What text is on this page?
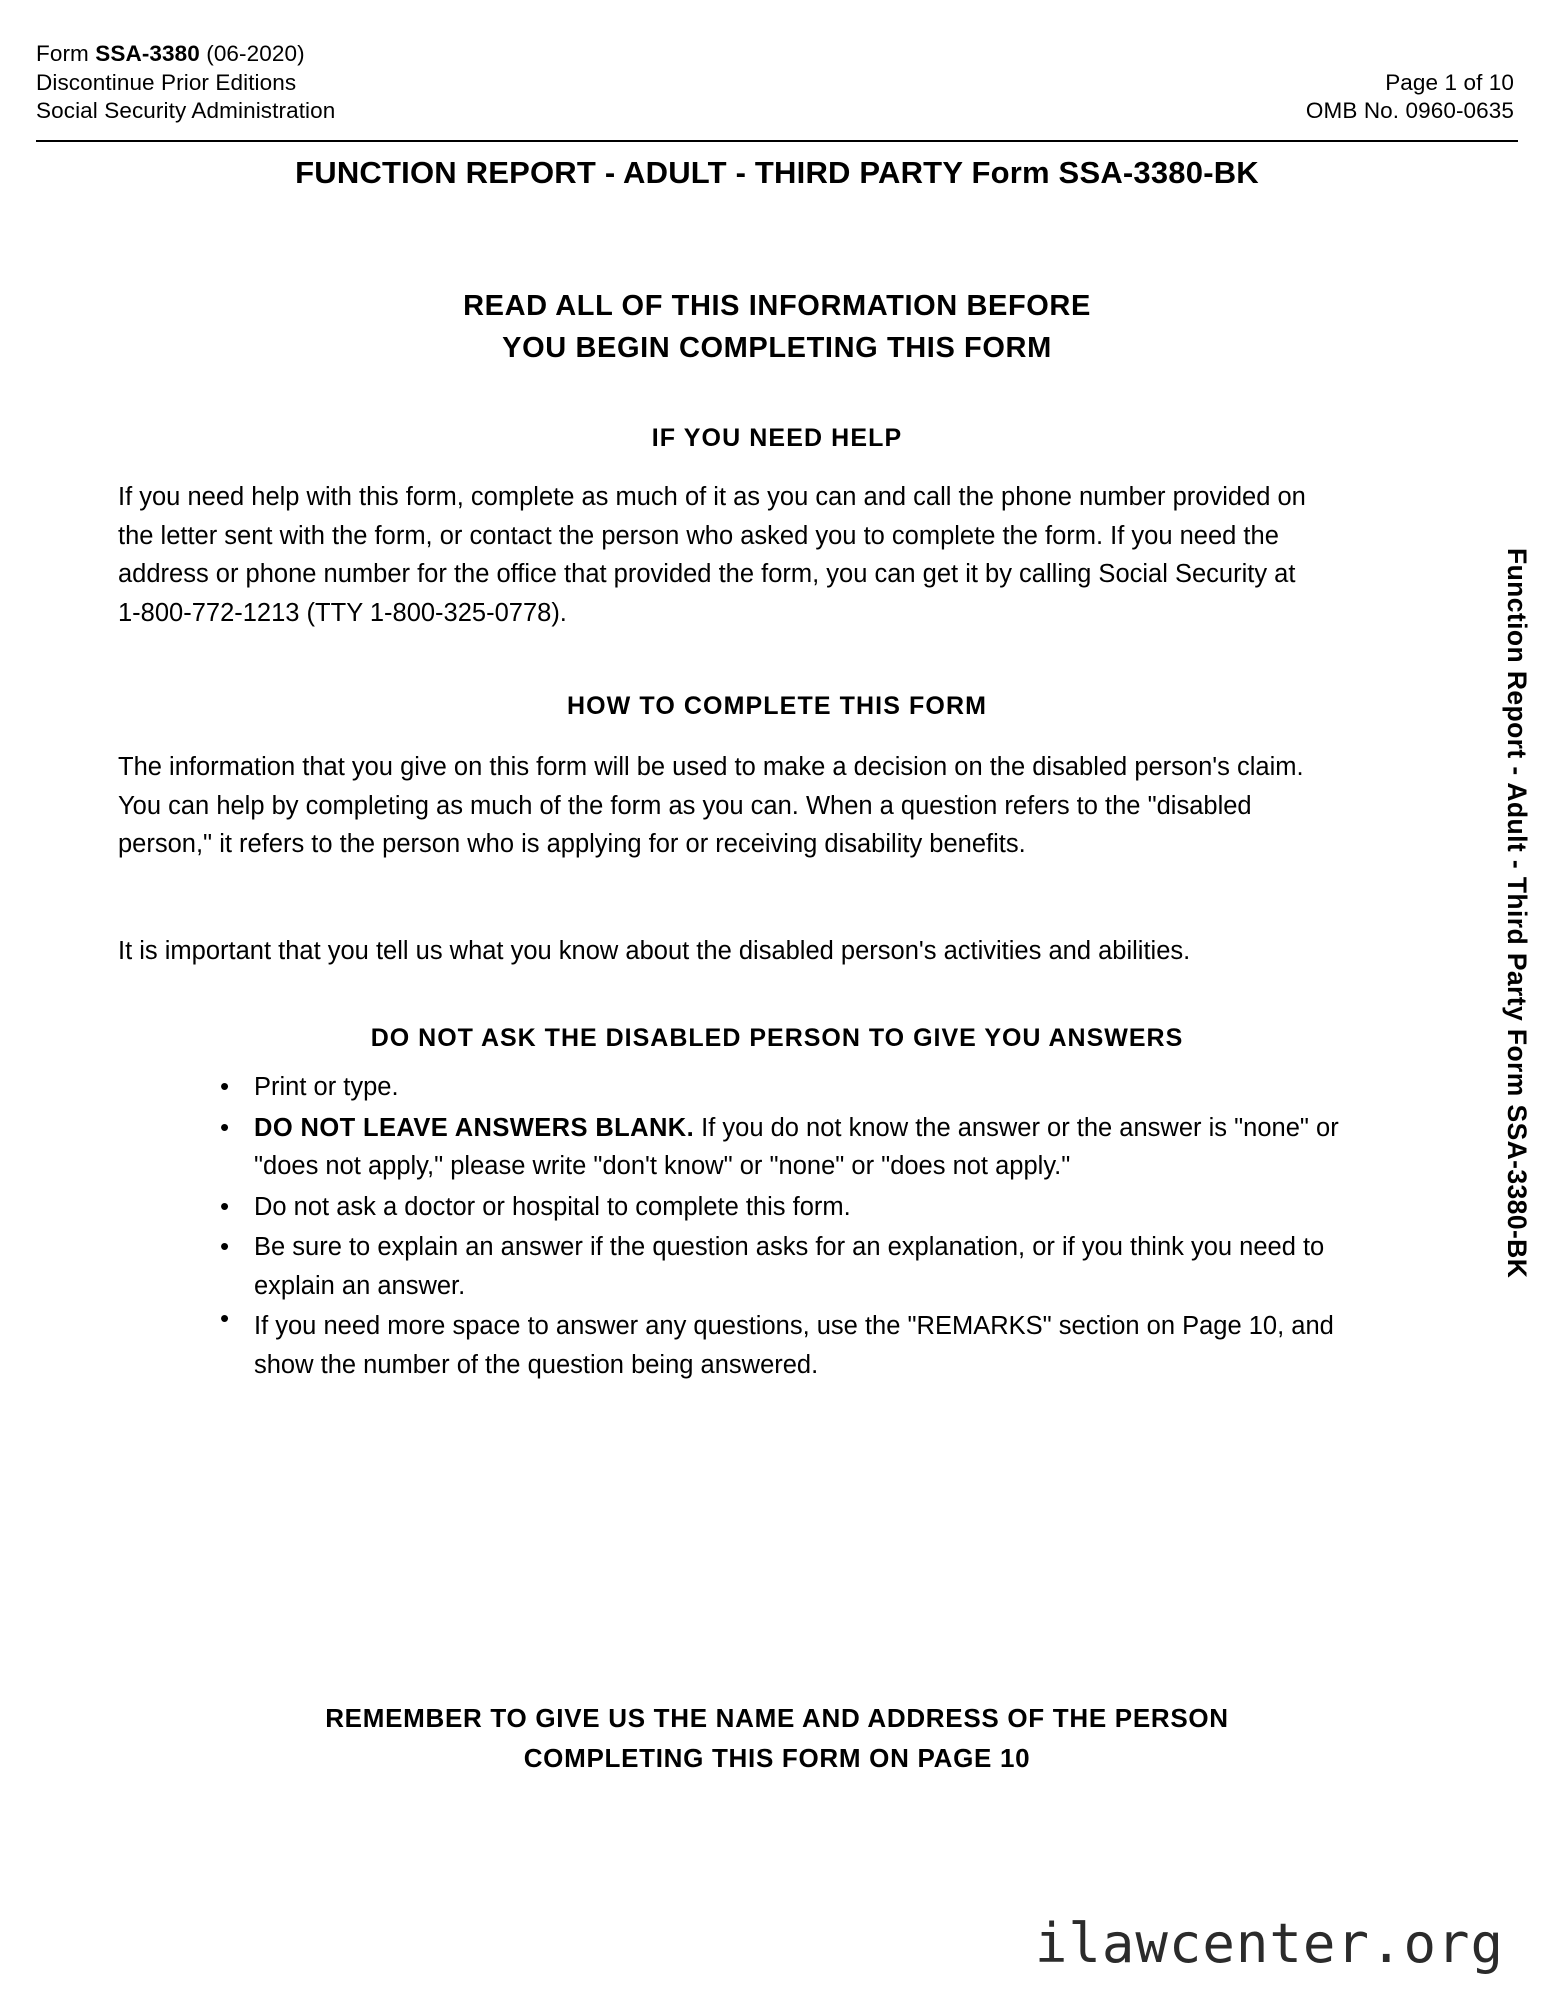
Form SSA-3380 (06-2020)
Discontinue Prior Editions
Social Security Administration
Page 1 of 10
OMB No. 0960-0635
FUNCTION REPORT - ADULT - THIRD PARTY Form SSA-3380-BK
READ ALL OF THIS INFORMATION BEFORE
YOU BEGIN COMPLETING THIS FORM
IF YOU NEED HELP
If you need help with this form, complete as much of it as you can and call the phone number provided on the letter sent with the form, or contact the person who asked you to complete the form. If you need the address or phone number for the office that provided the form, you can get it by calling Social Security at 1-800-772-1213 (TTY 1-800-325-0778).
HOW TO COMPLETE THIS FORM
The information that you give on this form will be used to make a decision on the disabled person's claim. You can help by completing as much of the form as you can. When a question refers to the "disabled person," it refers to the person who is applying for or receiving disability benefits.
It is important that you tell us what you know about the disabled person's activities and abilities.
DO NOT ASK THE DISABLED PERSON TO GIVE YOU ANSWERS
• Print or type.
• DO NOT LEAVE ANSWERS BLANK. If you do not know the answer or the answer is "none" or "does not apply," please write "don't know" or "none" or "does not apply."
• Do not ask a doctor or hospital to complete this form.
• Be sure to explain an answer if the question asks for an explanation, or if you think you need to explain an answer.
• If you need more space to answer any questions, use the "REMARKS" section on Page 10, and show the number of the question being answered.
Function Report - Adult - Third Party Form SSA-3380-BK
REMEMBER TO GIVE US THE NAME AND ADDRESS OF THE PERSON
COMPLETING THIS FORM ON PAGE 10
ilawcenter.org
